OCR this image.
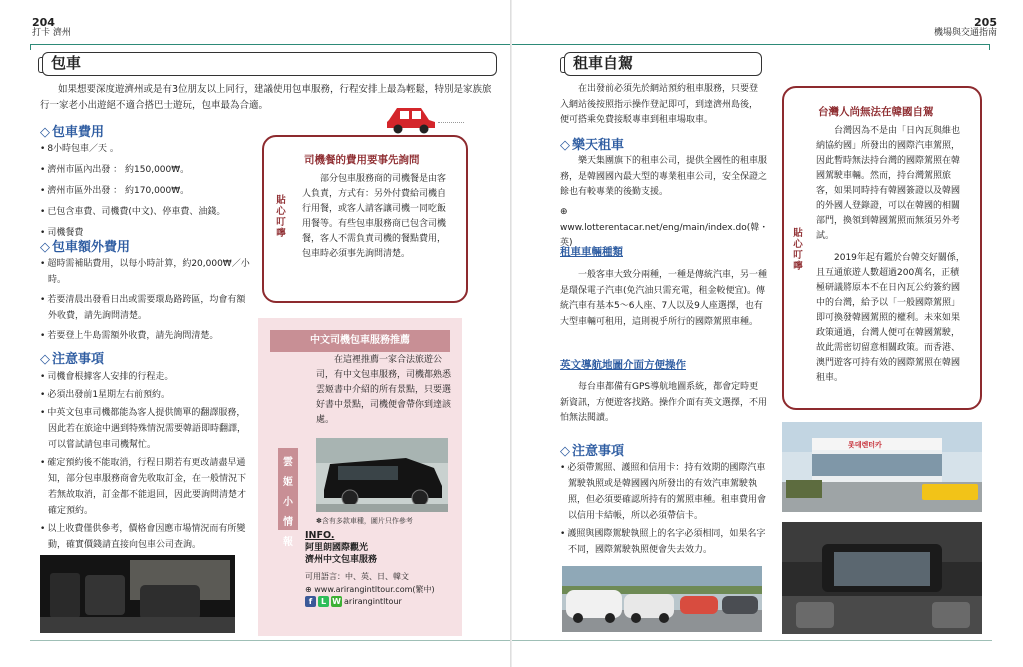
204
打卡 濟州
包車
如果想要深度遊濟州或是有3位朋友以上同行，建議使用包車服務，行程安排上最為輕鬆，特別是家族旅行一家老小出遊絕不適合搭巴士遊玩，包車最為合適。
◇ 包車費用
• 8小時包車／天 。
• 濟州市區內出發 ： 約150,000₩。
• 濟州市區外出發 ： 約170,000₩。
• 已包含車費、司機費(中文)、停車費、油錢。
• 司機餐費
◇ 包車額外費用
• 超時需補貼費用，以每小時計算，約20,000₩／小時。
• 若要清晨出發看日出或需要環島路跨區，均會有額外收費，請先詢問清楚。
• 若要登上牛島需額外收費，請先詢問清楚。
◇ 注意事項
• 司機會根據客人安排的行程走。
• 必須出發前1星期左右前預約。
• 中英文包車司機都能為客人提供簡單的翻譯服務，因此若在旅途中遇到特殊情況需要韓語即時翻譯，可以嘗試請包車司機幫忙。
• 確定預約後不能取消，行程日期若有更改請盡早通知，部分包車服務商會先收取訂金，在一般情況下若無故取消，訂金都不能退回，因此要詢問清楚才確定預約。
• 以上收費僅供參考，價格會因應市場情況而有所變動，確實價錢請直接向包車公司查詢。
貼心叮嚀
司機餐的費用要事先詢問
部分包車服務商的司機餐是由客人負責，方式有：另外付費給司機自行用餐，或客人請客讓司機一同吃飯用餐等。有些包車服務商已包含司機餐，客人不需負責司機的餐點費用，包車時必須事先詢問清楚。
中文司機包車服務推薦
雲
姬
小
情
報
在這裡推薦一家合法旅遊公司，有中文包車服務，司機都熟悉雲姬書中介紹的所有景點，只要選好書中景點，司機便會帶你到達該處。
✽含有多款車種，圖片只作參考
INFO.
阿里朗國際觀光
濟州中文包車服務
可用語言：中、英、日、韓文
⊕ www.arirangintltour.com(繁中)
f	L W arirangintltour
205
機場與交通指南
租車自駕
在出發前必須先於網站預約租車服務，只要登入網站後按照指示操作登記即可，到達濟州島後，便可搭乘免費接駁專車到租車場取車。
◇ 樂天租車
樂天集團旗下的租車公司，提供全國性的租車服務，是韓國國內最大型的專業租車公司，安全保證之餘也有較專業的後勤支援。
⊕ www.lotterentacar.net/eng/main/index.do(韓・英)
租車車輛種類
一般客車大致分兩種，一種是傳統汽車，另一種是環保電子汽車(免汽油只需充電，租金較便宜)。傳統汽車有基本5～6人座、7人以及9人座選擇，也有大型車輛可租用，這則視乎所行的國際駕照車種。
英文導航地圖介面方便操作
每台車都備有GPS導航地圖系統，都會定時更新資訊，方便遊客找路。操作介面有英文選擇，不用怕無法閱讀。
◇ 注意事項
• 必須帶駕照、護照和信用卡：持有效期的國際汽車駕駛執照或是韓國國內所發出的有效汽車駕駛執照，但必須要確認所持有的駕照車種。租車費用會以信用卡結帳，所以必須帶信卡。
• 護照與國際駕駛執照上的名字必須相同，如果名字不同，國際駕駛執照便會失去效力。
貼心叮嚀
台灣人尚無法在韓國自駕
台灣因為不是由「日內瓦與維也納協約國」所發出的國際汽車駕照，因此暫時無法持台灣的國際駕照在韓國駕駛車輛。然而，持台灣駕照旅客，如果同時持有韓國簽證以及韓國的外國人登錄證，可以在韓國的相關部門，換領到韓國駕照而無須另外考試。
2019年起有鑑於台韓交好關係，且互通旅遊人數超過200萬名，正積極研議將原本不在日內瓦公約簽約國中的台灣，給予以「一般國際駕照」即可換發韓國駕照的權利。未來如果政策通過，台灣人便可在韓國駕駛，故此需密切留意相關政策。而香港、澳門遊客可持有效的國際駕照在韓國租車。
롯데렌터카
